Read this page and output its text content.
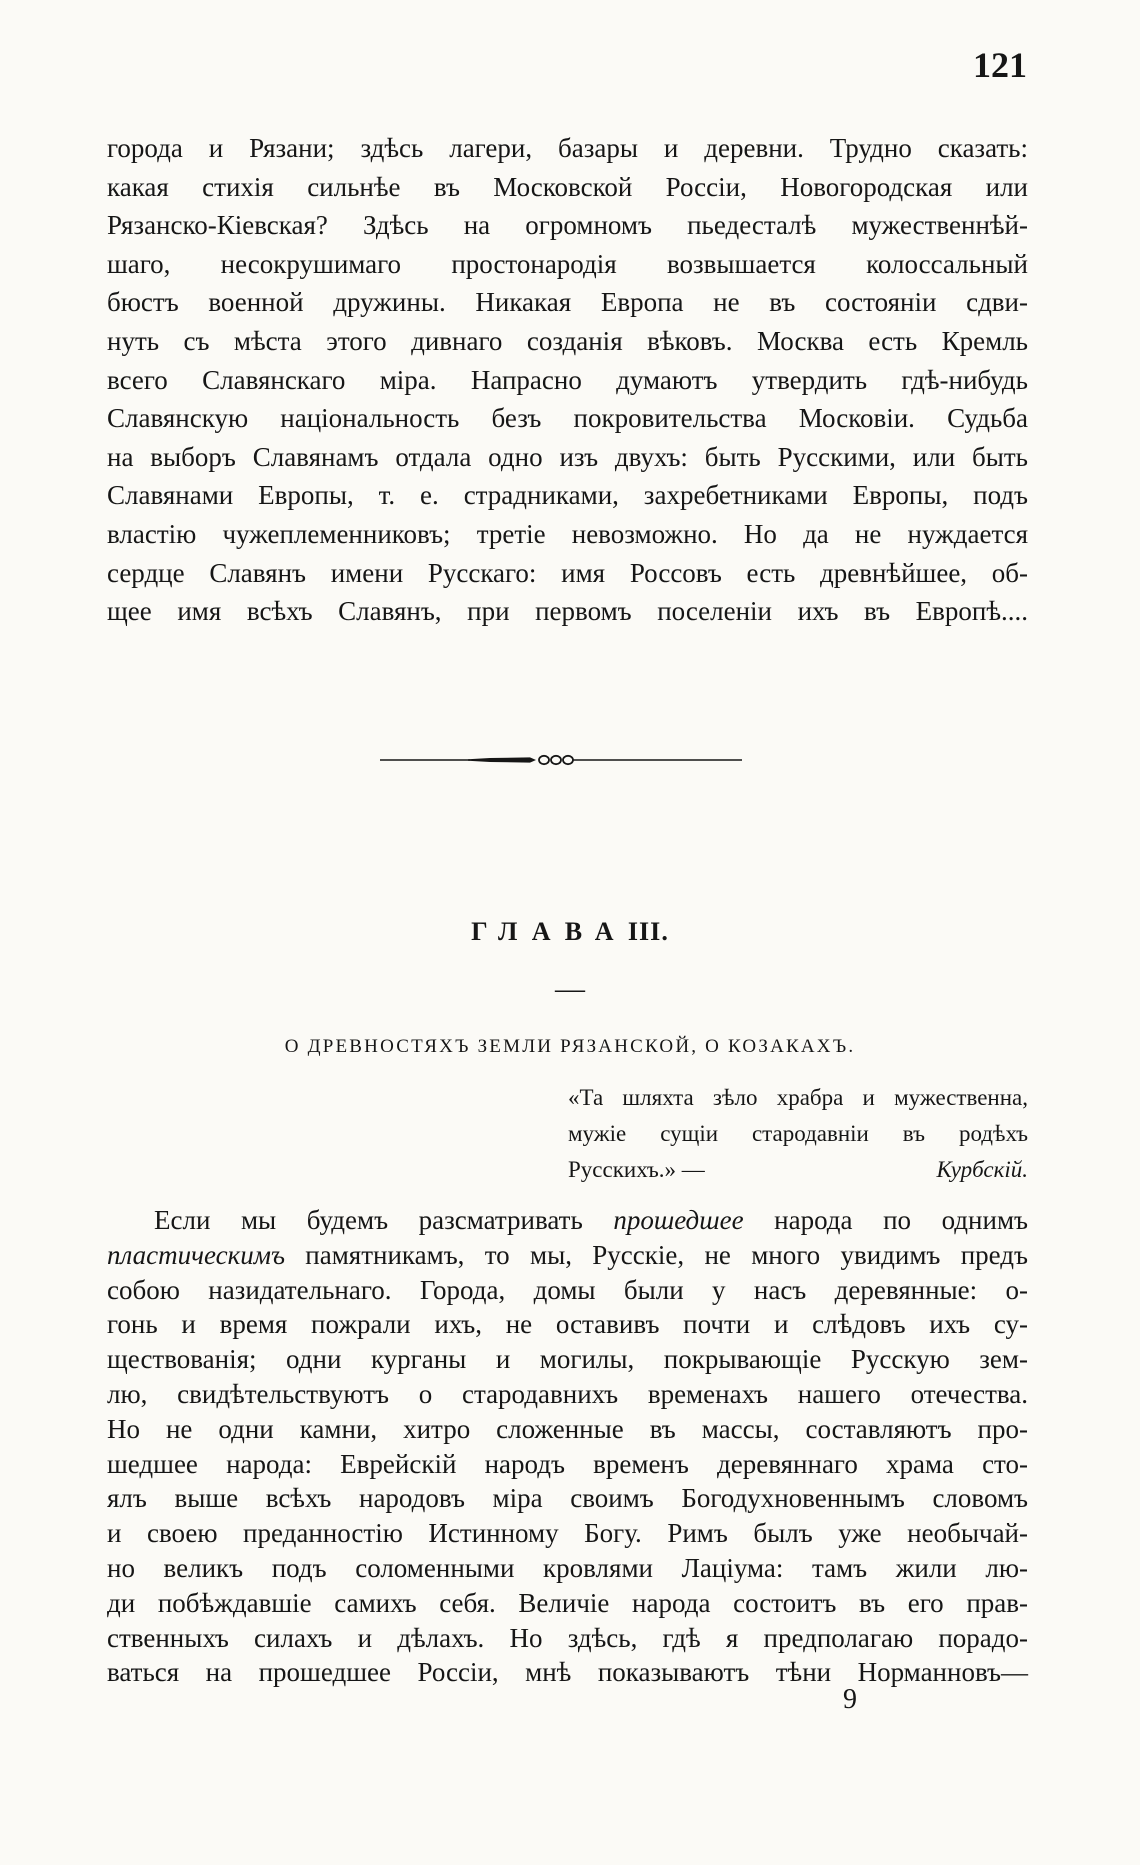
121
города и Рязани; здѣсь лагери, базары и деревни. Трудно сказать:
какая стихія сильнѣе въ Московской Россіи, Новогородская или
Рязанско-Кіевская? Здѣсь на огромномъ пьедесталѣ мужественнѣй-
шаго, несокрушимаго простонародія возвышается колоссальный
бюстъ военной дружины. Никакая Европа не въ состояніи сдви-
нуть съ мѣста этого дивнаго созданія вѣковъ. Москва есть Кремль
всего Славянскаго міра. Напрасно думаютъ утвердить гдѣ-нибудь
Славянскую національность безъ покровительства Московіи. Судьба
на выборъ Славянамъ отдала одно изъ двухъ: быть Русскими, или быть
Славянами Европы, т. е. страдниками, захребетниками Европы, подъ
властію чужеплеменниковъ; третіе невозможно. Но да не нуждается
сердце Славянъ имени Русскаго: имя Россовъ есть древнѣйшее, об-
щее имя всѣхъ Славянъ, при первомъ поселеніи ихъ въ Европѣ....
ГЛАВАIII.
—
О ДРЕВНОСТЯХЪ ЗЕМЛИ РЯЗАНСКОЙ, О КОЗАКАХЪ.
«Та шляхта зѣло храбра и мужественна,
мужіе сущіи стародавніи въ родѣхъ
Русскихъ.» —	Курбскій.
Если мы будемъ разсматривать прошедшее народа по однимъ
пластическимъ памятникамъ, то мы, Русскіе, не много увидимъ предъ
собою назидательнаго. Города, домы были у насъ деревянные: о-
гонь и время пожрали ихъ, не оставивъ почти и слѣдовъ ихъ су-
ществованія; одни курганы и могилы, покрывающіе Русскую зем-
лю, свидѣтельствуютъ о стародавнихъ временахъ нашего отечества.
Но не одни камни, хитро сложенные въ массы, составляютъ про-
шедшее народа: Еврейскій народъ временъ деревяннаго храма сто-
ялъ выше всѣхъ народовъ міра своимъ Богодухновеннымъ словомъ
и своею преданностію Истинному Богу. Римъ былъ уже необычай-
но великъ подъ соломенными кровлями Лаціума: тамъ жили лю-
ди побѣждавшіе самихъ себя. Величіе народа состоитъ въ его прав-
ственныхъ силахъ и дѣлахъ. Но здѣсь, гдѣ я предполагаю порадо-
ваться на прошедшее Россіи, мнѣ показываютъ тѣни Норманновъ—
9
